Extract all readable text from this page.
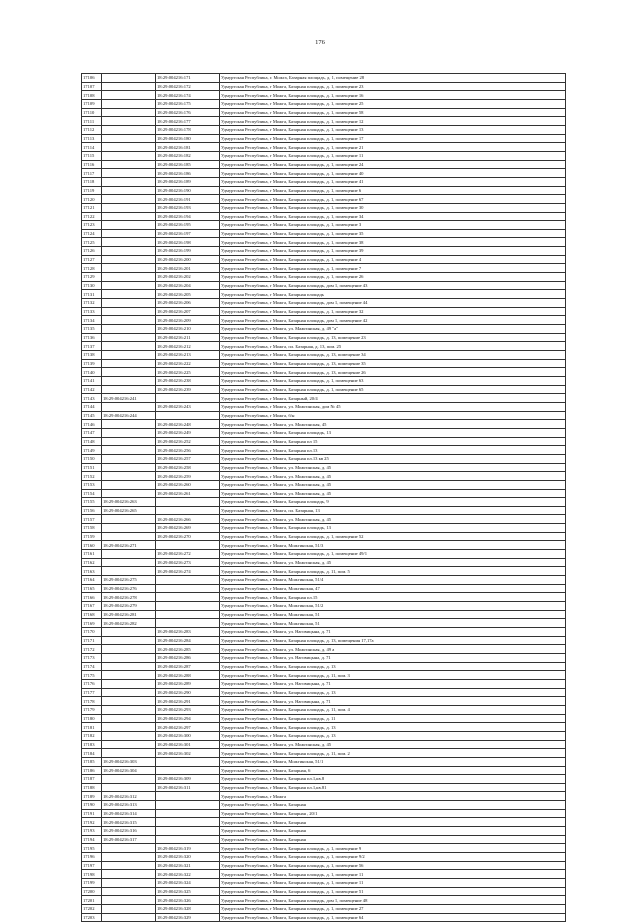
176
17106		18:29:004216:171	Удмуртская Республика, г. Можга, Базарная площадь, д. 1, помещение 28
17107		18:29:004216:172	Удмуртская Республика, г Можга, Базарная площадь, д. 1, помещение 23
17108		18:29:004216:174	Удмуртская Республика, г Можга, Базарная площадь, д. 1, помещение 16
17109		18:29:004216:175	Удмуртская Республика, г Можга, Базарная площадь, д. 1, помещение 25
17110		18:29:004216:176	Удмуртская Республика, г Можга, Базарная площадь, д. 1, помещение 58
17111		18:29:004216:177	Удмуртская Республика, г Можга, Базарная площадь, д. 1, помещение 12
17112		18:29:004216:178	Удмуртская Республика, г Можга, Базарная площадь, д. 1, помещение 13
17113		18:29:004216:180	Удмуртская Республика, г Можга, Базарная площадь, д. 1, помещение 17
17114		18:29:004216:181	Удмуртская Республика, г Можга, Базарная площадь, д. 1, помещение 21
17115		18:29:004216:182	Удмуртская Республика, г Можга, Базарная площадь, д. 1, помещение 11
17116		18:29:004216:185	Удмуртская Республика, г Можга, Базарная площадь, д. 1, помещение 24
17117		18:29:004216:186	Удмуртская Республика, г Можга, Базарная площадь, д. 1, помещение 40
17118		18:29:004216:189	Удмуртская Республика, г Можга, Базарная площадь, д. 1, помещение 41
17119		18:29:004216:190	Удмуртская Республика, г Можга, Базарная площадь, д. 1, помещение 6
17120		18:29:004216:191	Удмуртская Республика, г Можга, Базарная площадь, д. 1, помещение 67
17121		18:29:004216:193	Удмуртская Республика, г Можга, Базарная площадь, д. 1, помещение 30
17122		18:29:004216:194	Удмуртская Республика, г Можга, Базарная площадь, д. 1, помещение 34
17123		18:29:004216:195	Удмуртская Республика, г Можга, Базарная площадь, д. 1, помещение 3
17124		18:29:004216:197	Удмуртская Республика, г Можга, Базарная площадь, д. 1, помещение 35
17125		18:29:004216:198	Удмуртская Республика, г Можга, Базарная площадь, д. 1, помещение 38
17126		18:29:004216:199	Удмуртская Республика, г Можга, Базарная площадь, д. 1, помещение 39
17127		18:29:004216:200	Удмуртская Республика, г Можга, Базарная площадь, д. 1, помещение 4
17128		18:29:004216:201	Удмуртская Республика, г Можга, Базарная площадь, д. 1, помещение 7
17129		18:29:004216:202	Удмуртская Республика, г Можга, Базарная площадь, д. 1, помещение 26
17130		18:29:004216:204	Удмуртская Республика, г Можга, Базарная площадь, дом 1, помещение 43
17131		18:29:004216:205	Удмуртская Республика, г Можга, Базарная площадь
17132		18:29:004216:206	Удмуртская Республика, г Можга, Базарная площадь, дом 1, помещение 44
17133		18:29:004216:207	Удмуртская Республика, г Можга, Базарная площадь, д. 1, помещение 32
17134		18:29:004216:209	Удмуртская Республика, г Можга, Базарная площадь, дом 1, помещение 42
17135		18:29:004216:210	Удмуртская Республика, г Можга, ул. Мажгинская, д. 49 "а"
17136		18:29:004216:211	Удмуртская Республика, г Можга, Базарная площадь, д. 13, помещение 23
17137		18:29:004216:212	Удмуртская Республика, г Можга, пл. Базарная, д. 13, пом. 25
17138		18:29:004216:213	Удмуртская Республика, г Можга, Базарная площадь, д. 13, помещение 34
17139		18:29:004216:222	Удмуртская Республика, г Можга, Базарная площадь, д. 13, помещение 35
17140		18:29:004216:225	Удмуртская Республика, г Можга, Базарная площадь, д. 13, помещение 26
17141		18:29:004216:238	Удмуртская Республика, г Можга, Базарная площадь, д. 1, помещение 63
17142		18:29:004216:239	Удмуртская Республика, г Можга, Базарная площадь, д. 1, помещение 65
17143	18:29:004216:241		Удмуртская Республика, г Можга, Базарный, 20/4
17144		18:29:004216:243	Удмуртская Республика, г Можга, ул. Можгинская, дом № 45
17145	18:29:004216:244		Удмуртская Республика, г Можга, б/н
17146		18:29:004216:248	Удмуртская Республика, г Можга, ул. Можгинская, 45
17147		18:29:004216:249	Удмуртская Республика, г Можга, Базарная площадь, 13
17148		18:29:004216:252	Удмуртская Республика, г Можга, Базарная пл 15
17149		18:29:004216:256	Удмуртская Республика, г Можга, Базарная пл.13
17150		18:29:004216:257	Удмуртская Республика, г Можга, Базарная пл.13 кв 25
17151		18:29:004216:258	Удмуртская Республика, г Можга, ул. Можгинская, д. 45
17152		18:29:004216:259	Удмуртская Республика, г Можга, ул. Можгинская, д. 45
17153		18:29:004216:260	Удмуртская Республика, г Можга, ул. Можгинская, д. 45
17154		18:29:004216:261	Удмуртская Республика, г Можга, ул. Можгинская, д. 45
17155	18:29:004216:263		Удмуртская Республика, г Можга, Базарная площадь, 9
17156	18:29:004216:265		Удмуртская Республика, г Можга, пл. Базарная, 13
17157		18:29:004216:266	Удмуртская Республика, г Можга, ул. Можгинская, д. 45
17158		18:29:004216:269	Удмуртская Республика, г Можга, Базарная площадь, 13
17159		18:29:004216:270	Удмуртская Республика, г Можга, Базарная площадь, д. 1, помещение 52
17160	18:29:004216:271		Удмуртская Республика, г Можга, Можгинская, 51/3
17161		18:29:004216:272	Удмуртская Республика, г Можга, Базарная площадь, д. 1, помещение 49/1
17162		18:29:004216:273	Удмуртская Республика, г Можга, ул. Можгинская, д. 45
17163		18:29:004216:274	Удмуртская Республика, г Можга, Базарная площадь, д. 11, пом. 5
17164	18:29:004216:275		Удмуртская Республика, г Можга, Можгинская, 51/4
17165	18:29:004216:276		Удмуртская Республика, г Можга, Можгинская, 47
17166	18:29:004216:278		Удмуртская Республика, г Можга, Базарная пл.15
17167	18:29:004216:279		Удмуртская Республика, г Можга, Можгинская, 51/2
17168	18:29:004216:281		Удмуртская Республика, г Можга, Можгинская, 51
17169	18:29:004216:282		Удмуртская Республика, г Можга, Можгинская, 51
17170		18:29:004216:283	Удмуртская Республика, г Можга, ул. Наговицына, д. 71
17171		18:29:004216:284	Удмуртская Республика, г Можга, Базарная площадь, д. 13, помещения 17,17а
17172		18:29:004216:285	Удмуртская Республика, г Можга, ул. Можгинская, д. 49 а
17173		18:29:004216:286	Удмуртская Республика, г Можга, ул. Наговицына, д. 71
17174		18:29:004216:287	Удмуртская Республика, г Можга, Базарная площадь, д. 13
17175		18:29:004216:288	Удмуртская Республика, г Можга, Базарная площадь, д. 11, пом. 3
17176		18:29:004216:289	Удмуртская Республика, г Можга, ул. Наговицына, д. 71
17177		18:29:004216:290	Удмуртская Республика, г Можга, Базарная площадь, д. 13
17178		18:29:004216:291	Удмуртская Республика, г Можга, ул. Наговицына, д. 71
17179		18:29:004216:293	Удмуртская Республика, г Можга, Базарная площадь, д. 11, пом. 4
17180		18:29:004216:294	Удмуртская Республика, г Можга, Базарная площадь, д. 11
17181		18:29:004216:297	Удмуртская Республика, г Можга, Базарная площадь, д. 13
17182		18:29:004216:300	Удмуртская Республика, г Можга, Базарная площадь, д. 13
17183		18:29:004216:301	Удмуртская Республика, г Можга, ул. Можгинская, д. 45
17184		18:29:004216:302	Удмуртская Республика, г Можга, Базарная площадь, д. 11, пом. 2
17185	18:29:004216:303		Удмуртская Республика, г Можга, Можгинская, 51/1
17186	18:29:004216:304		Удмуртская Республика, г Можга, Базарная, 6
17187		18:29:004216:309	Удмуртская Республика, г Можга, Базарная пл.1,кв.8
17188		18:29:004216:311	Удмуртская Республика, г Можга, Базарная пл.1,кв.81
17189	18:29:004216:312		Удмуртская Республика, г Можга
17190	18:29:004216:313		Удмуртская Республика, г Можга, Базарная
17191	18:29:004216:314		Удмуртская Республика, г Можга, Базарная , 20/1
17192	18:29:004216:315		Удмуртская Республика, г Можга, Базарная
17193	18:29:004216:316		Удмуртская Республика, г Можга, Базарная
17194	18:29:004216:317		Удмуртская Республика, г Можга, Базарная
17195		18:29:004216:319	Удмуртская Республика, г Можга, Базарная площадь, д. 1, помещение 9
17196		18:29:004216:320	Удмуртская Республика, г Можга, Базарная площадь, д. 1, помещение 9/2
17197		18:29:004216:321	Удмуртская Республика, г Можга, Базарная площадь, д. 1, помещение 56
17198		18:29:004216:322	Удмуртская Республика, г Можга, Базарная площадь, д. 1, помещение 11
17199		18:29:004216:324	Удмуртская Республика, г Можга, Базарная площадь, д. 1, помещение 11
17200		18:29:004216:325	Удмуртская Республика, г Можга, Базарная площадь, д. 1, помещение 51
17201		18:29:004216:326	Удмуртская Республика, г Можга, Базарная площадь, дом 1, помещение 48
17202		18:29:004216:328	Удмуртская Республика, г Можга, Базарная площадь, д. 1, помещение 27
17203		18:29:004216:329	Удмуртская Республика, г Можга, Базарная площадь, д. 1, помещение 64
